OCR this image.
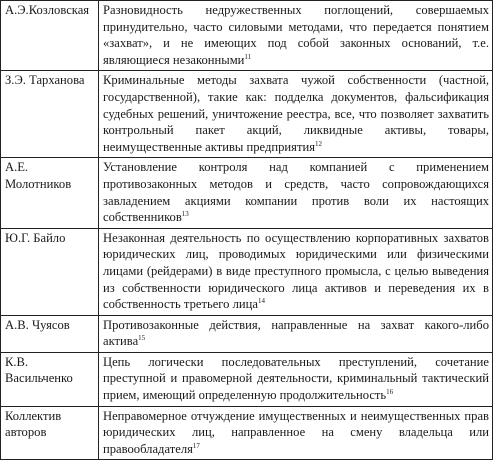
А.Э.Козловская	Разновидность недружественных поглощений, совершаемых принудительно, часто силовыми методами, что передается понятием «захват», и не имеющих под собой законных оснований, т.е. являющиеся незаконными$^{11}$
З.Э. Тарханова	Криминальные методы захвата чужой собственности (частной, государственной), такие как: подделка документов, фальсификация судебных решений, уничтожение реестра, все, что позволяет захватить контрольный пакет акций, ликвидные активы, товары, неимущественные активы предприятия$^{12}$
А.Е. Молотников	Установление контроля над компанией с применением противозаконных методов и средств, часто сопровождающихся завладением акциями компании против воли их настоящих собственников$^{13}$
Ю.Г. Байло	Незаконная деятельность по осуществлению корпоративных захватов юридических лиц, проводимых юридическими или физическими лицами (рейдерами) в виде преступного промысла, с целью выведения из собственности юридического лица активов и переведения их в собственность третьего лица$^{14}$
А.В. Чуясов	Противозаконные действия, направленные на захват какого-либо актива$^{15}$
К.В. Васильченко	Цепь логически последовательных преступлений, сочетание преступной и правомерной деятельности, криминальный тактический прием, имеющий определенную продолжительность$^{16}$
Коллектив авторов	Неправомерное отчуждение имущественных и неимущественных прав юридических лиц, направленное на смену владельца или правообладателя$^{17}$
